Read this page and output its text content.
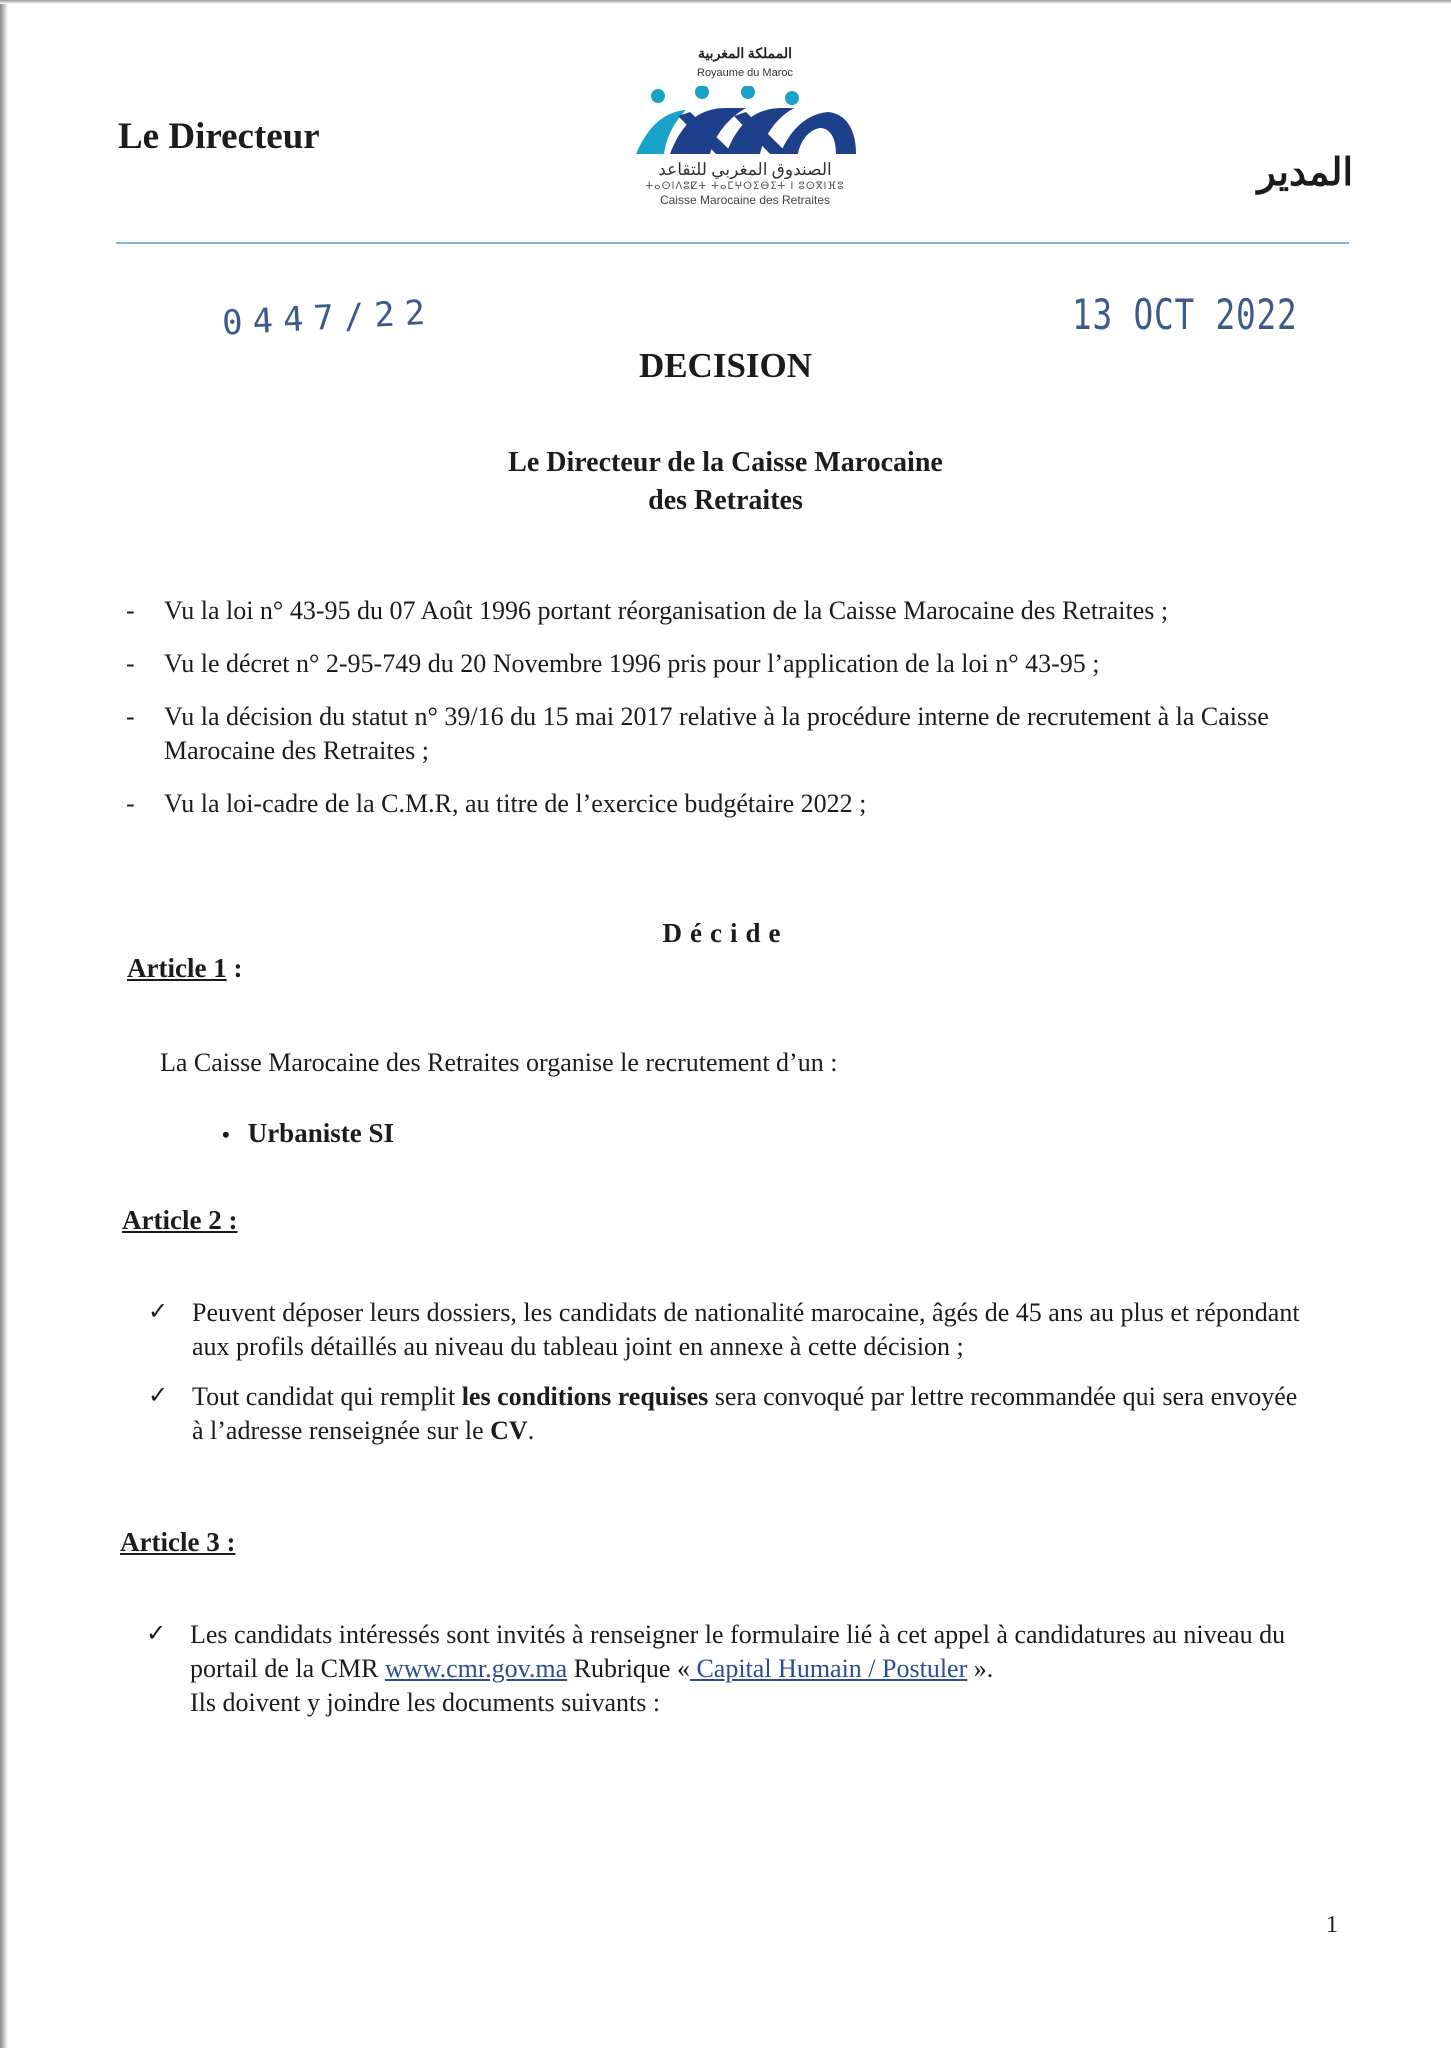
Le Directeur
المملكة المغربية
Royaume du Maroc
الصندوق المغربي للتقاعد
ⵜⴰⵙⵏⴷⵓⵇⵜ ⵜⴰⵎⵖⵔⵉⴱⵉⵜ ⵏ ⵓⵙⴳⵏⴼⵓ
Caisse Marocaine des Retraites
المدير
0447/22	13 OCT 2022
DECISION
Le Directeur de la Caisse Marocaine
des Retraites
- Vu la loi n° 43-95 du 07 Août 1996 portant réorganisation de la Caisse Marocaine des Retraites ;
- Vu le décret n° 2-95-749 du 20 Novembre 1996 pris pour l’application de la loi n° 43-95 ;
- Vu la décision du statut n° 39/16 du 15 mai 2017 relative à la procédure interne de recrutement à la Caisse Marocaine des Retraites ;
- Vu la loi-cadre de la C.M.R, au titre de l’exercice budgétaire 2022 ;
Décide
Article 1 :
La Caisse Marocaine des Retraites organise le recrutement d’un :
• Urbaniste SI
Article 2 :
✓ Peuvent déposer leurs dossiers, les candidats de nationalité marocaine, âgés de 45 ans au plus et répondant aux profils détaillés au niveau du tableau joint en annexe à cette décision ;
✓ Tout candidat qui remplit les conditions requises sera convoqué par lettre recommandée qui sera envoyée à l’adresse renseignée sur le CV.
Article 3 :
✓ Les candidats intéressés sont invités à renseigner le formulaire lié à cet appel à candidatures au niveau du portail de la CMR www.cmr.gov.ma Rubrique « Capital Humain / Postuler ».
Ils doivent y joindre les documents suivants :
1
